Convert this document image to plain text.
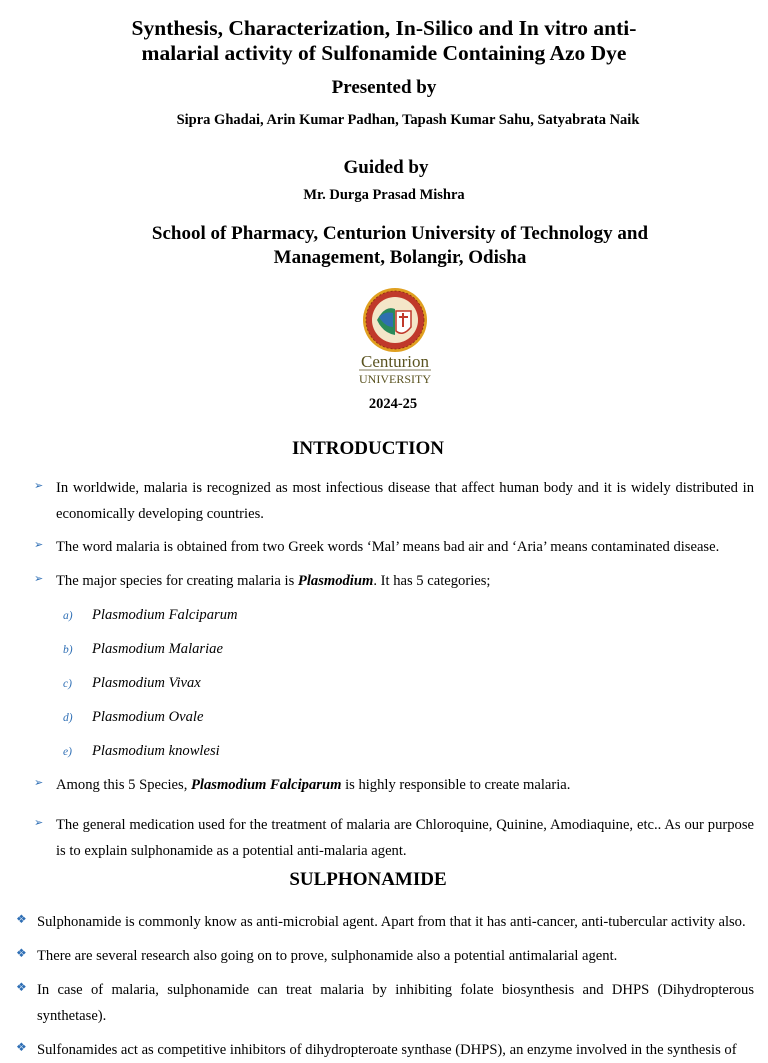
Synthesis, Characterization, In-Silico and In vitro anti-
malarial activity of Sulfonamide Containing Azo Dye
Presented by
Sipra Ghadai, Arin Kumar Padhan, Tapash Kumar Sahu, Satyabrata Naik
Guided by
Mr. Durga Prasad Mishra
School of Pharmacy, Centurion University of Technology and
Management, Bolangir, Odisha
Centurion
UNIVERSITY
2024-25
INTRODUCTION
➢ In worldwide, malaria is recognized as most infectious disease that affect human body and it is widely distributed in economically developing countries.
➢ The word malaria is obtained from two Greek words ‘Mal’ means bad air and ‘Aria’ means contaminated disease.
➢ The major species for creating malaria is Plasmodium. It has 5 categories;
a) Plasmodium Falciparum
b) Plasmodium Malariae
c) Plasmodium Vivax
d) Plasmodium Ovale
e) Plasmodium knowlesi
➢ Among this 5 Species, Plasmodium Falciparum is highly responsible to create malaria.
➢ The general medication used for the treatment of malaria are Chloroquine, Quinine, Amodiaquine, etc.. As our purpose is to explain sulphonamide as a potential anti-malaria agent.
SULPHONAMIDE
❖ Sulphonamide is commonly know as anti-microbial agent. Apart from that it has anti-cancer, anti-tubercular activity also.
❖ There are several research also going on to prove, sulphonamide also a potential antimalarial agent.
❖ In case of malaria, sulphonamide can treat malaria by inhibiting folate biosynthesis and DHPS (Dihydropterous synthetase).
❖ Sulfonamides act as competitive inhibitors of dihydropteroate synthase (DHPS), an enzyme involved in the synthesis of
